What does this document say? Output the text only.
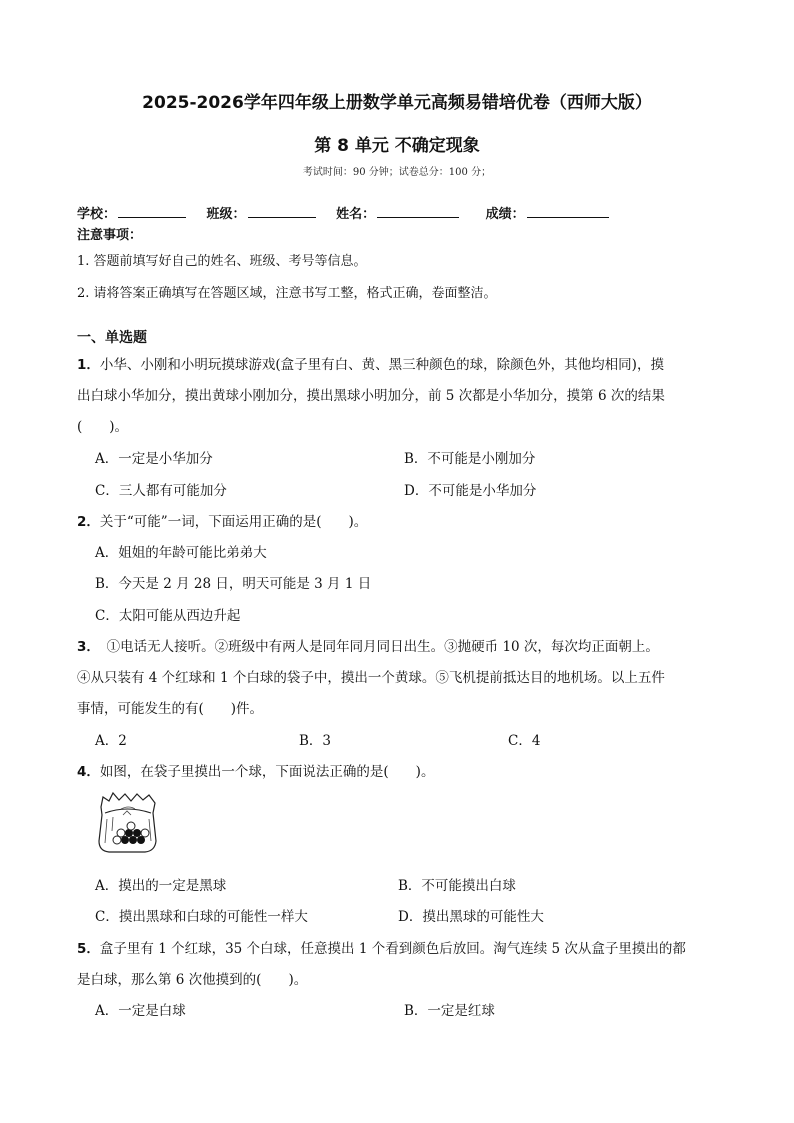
2025-2026学年四年级上册数学单元高频易错培优卷（西师大版）
第 8 单元 不确定现象
考试时间：90 分钟；试卷总分：100 分；
学校：	班级：	姓名：	成绩：
注意事项：
1. 答题前填写好自己的姓名、班级、考号等信息。
2. 请将答案正确填写在答题区域，注意书写工整，格式正确，卷面整洁。
一、单选题
1．小华、小刚和小明玩摸球游戏(盒子里有白、黄、黑三种颜色的球，除颜色外，其他均相同)，摸
出白球小华加分，摸出黄球小刚加分，摸出黑球小明加分，前 5 次都是小华加分，摸第 6 次的结果
(　　)。
A．一定是小华加分	B．不可能是小刚加分
C．三人都有可能加分	D．不可能是小华加分
2．关于“可能”一词，下面运用正确的是(　　)。
A．姐姐的年龄可能比弟弟大
B．今天是 2 月 28 日，明天可能是 3 月 1 日
C．太阳可能从西边升起
3．　①电话无人接听。②班级中有两人是同年同月同日出生。③抛硬币 10 次，每次均正面朝上。
④从只装有 4 个红球和 1 个白球的袋子中，摸出一个黄球。⑤飞机提前抵达目的地机场。以上五件
事情，可能发生的有(　　)件。
A．2	B．3	C．4
4．如图，在袋子里摸出一个球，下面说法正确的是(　　)。
A．摸出的一定是黑球	B．不可能摸出白球
C．摸出黑球和白球的可能性一样大	D．摸出黑球的可能性大
5．盒子里有 1 个红球，35 个白球，任意摸出 1 个看到颜色后放回。淘气连续 5 次从盒子里摸出的都
是白球，那么第 6 次他摸到的(　　)。
A．一定是白球	B．一定是红球
